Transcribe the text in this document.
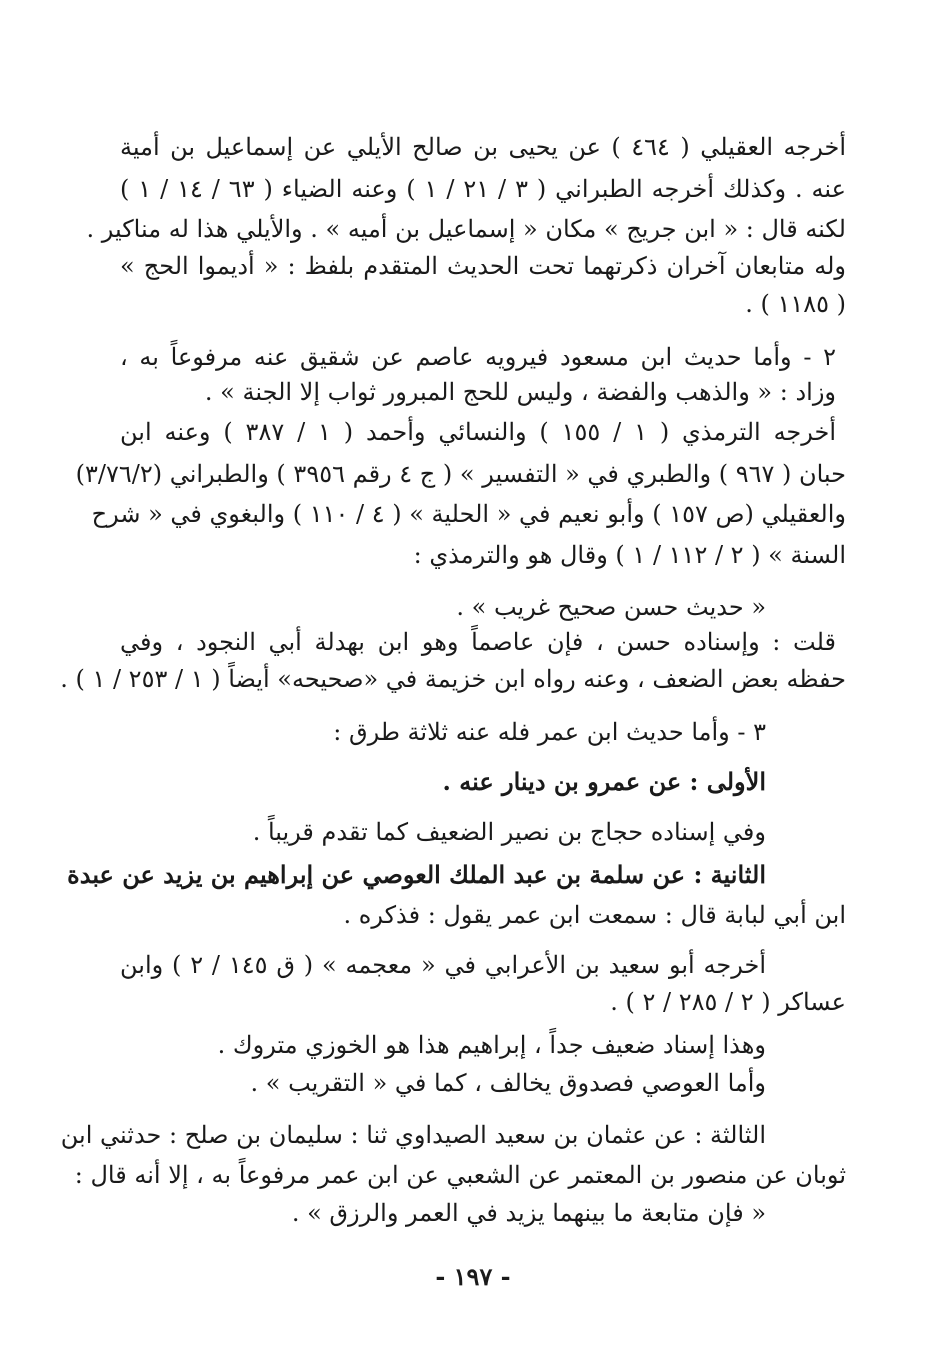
أخرجه العقيلي ( ٤٦٤ ) عن يحيى بن صالح الأيلي عن إسماعيل بن أمية
عنه . وكذلك أخرجه الطبراني ( ٣ / ٢١ / ١ ) وعنه الضياء ( ٦٣ / ١٤ / ١ )
لكنه قال : « ابن جريج » مكان « إسماعيل بن أميه » . والأيلي هذا له مناكير .
وله متابعان آخران ذكرتهما تحت الحديث المتقدم بلفظ : « أديموا الحج »
( ١١٨٥ ) .
٢ - وأما حديث ابن مسعود فيرويه عاصم عن شقيق عنه مرفوعاً به ،
وزاد : « والذهب والفضة ، وليس للحج المبرور ثواب إلا الجنة » .
أخرجه الترمذي ( ١ / ١٥٥ ) والنسائي وأحمد ( ١ / ٣٨٧ ) وعنه ابن
حبان ( ٩٦٧ ) والطبري في « التفسير » ( ج ٤ رقم ٣٩٥٦ ) والطبراني (٣/٧٦/٢)
والعقيلي (ص ١٥٧ ) وأبو نعيم في « الحلية » ( ٤ / ١١٠ ) والبغوي في « شرح
السنة » ( ٢ / ١١٢ / ١ ) وقال هو والترمذي :
« حديث حسن صحيح غريب » .
قلت : وإسناده حسن ، فإن عاصماً وهو ابن بهدلة أبي النجود ، وفي
حفظه بعض الضعف ، وعنه رواه ابن خزيمة في «صحيحه» أيضاً ( ١ / ٢٥٣ / ١ ) .
٣ - وأما حديث ابن عمر فله عنه ثلاثة طرق :
الأولى : عن عمرو بن دينار عنه .
وفي إسناده حجاج بن نصير الضعيف كما تقدم قريباً .
الثانية : عن سلمة بن عبد الملك العوصي عن إبراهيم بن يزيد عن عبدة
ابن أبي لبابة قال : سمعت ابن عمر يقول : فذكره .
أخرجه أبو سعيد بن الأعرابي في « معجمه » ( ق ١٤٥ / ٢ ) وابن
عساكر ( ٢ / ٢٨٥ / ٢ ) .
وهذا إسناد ضعيف جداً ، إبراهيم هذا هو الخوزي متروك .
وأما العوصي فصدوق يخالف ، كما في « التقريب » .
الثالثة : عن عثمان بن سعيد الصيداوي ثنا : سليمان بن صلح : حدثني ابن
ثوبان عن منصور بن المعتمر عن الشعبي عن ابن عمر مرفوعاً به ، إلا أنه قال :
« فإن متابعة ما بينهما يزيد في العمر والرزق » .
- ١٩٧ -
